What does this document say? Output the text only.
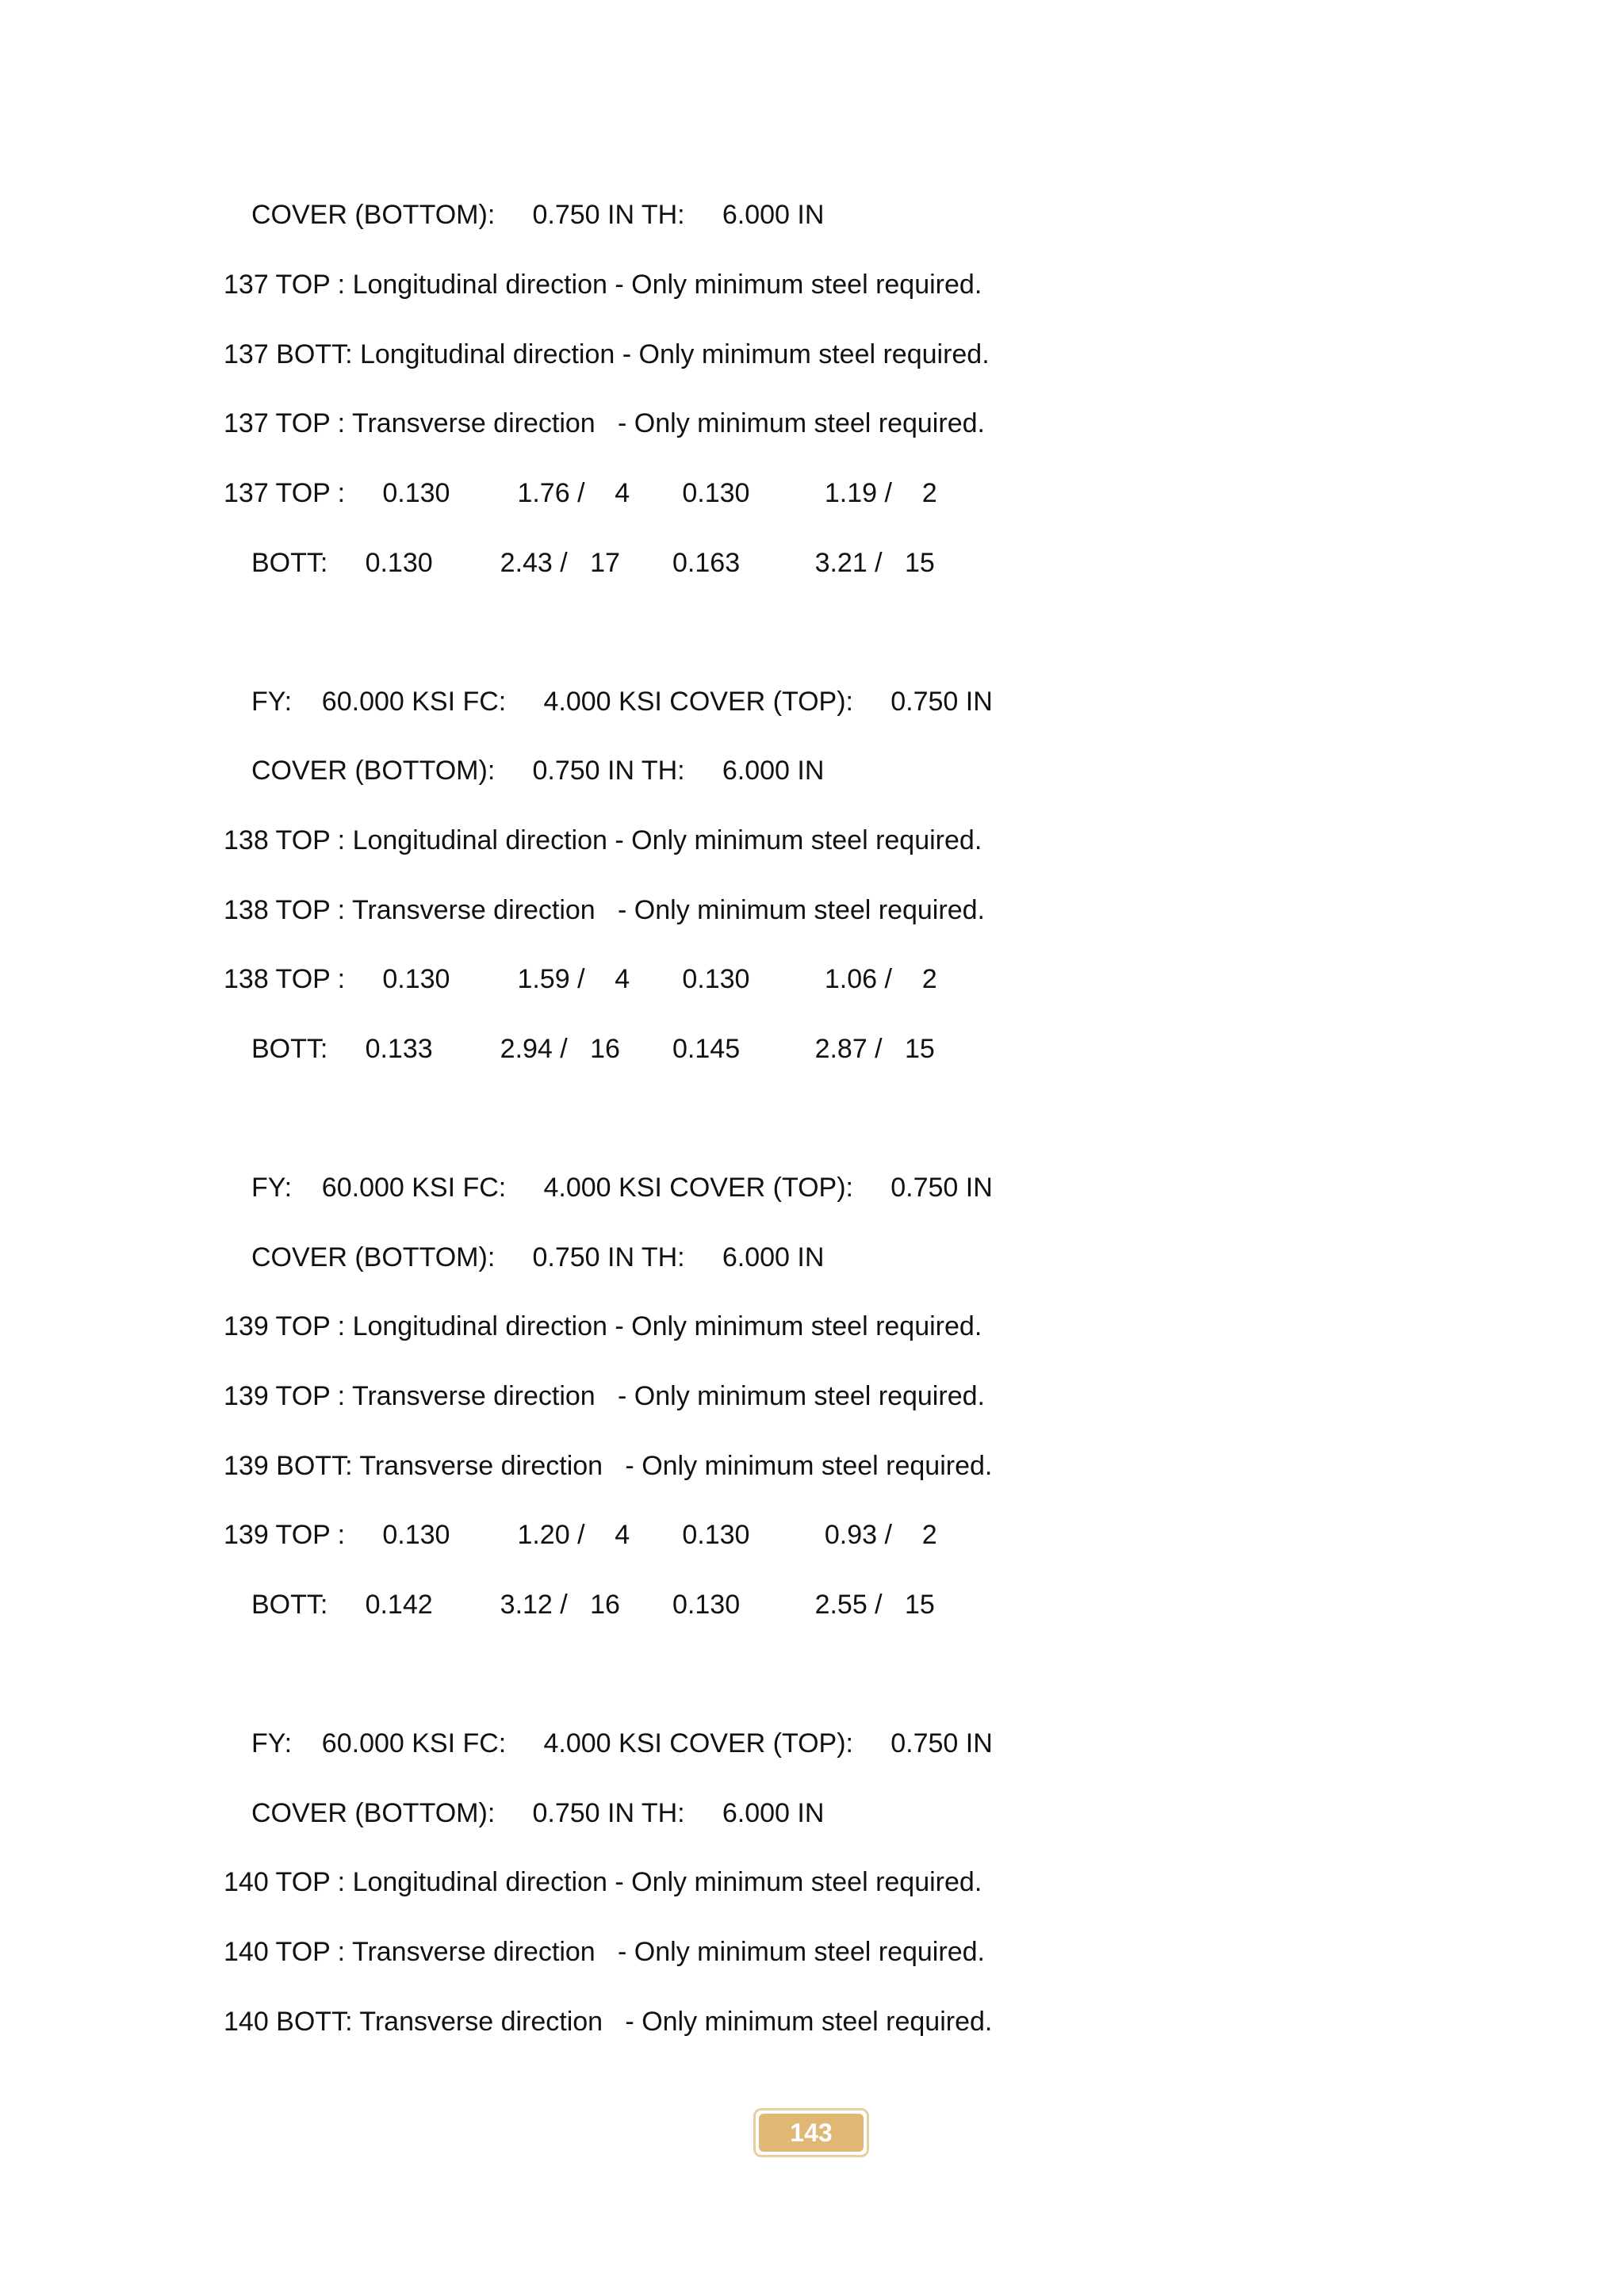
COVER (BOTTOM):     0.750 IN TH:     6.000 IN
137 TOP : Longitudinal direction - Only minimum steel required.
137 BOTT: Longitudinal direction - Only minimum steel required.
137 TOP : Transverse direction   - Only minimum steel required.
137 TOP :     0.130         1.76 /    4       0.130          1.19 /    2
BOTT:     0.130         2.43 /   17       0.163          3.21 /   15
FY:    60.000 KSI FC:     4.000 KSI COVER (TOP):     0.750 IN
COVER (BOTTOM):     0.750 IN TH:     6.000 IN
138 TOP : Longitudinal direction - Only minimum steel required.
138 TOP : Transverse direction   - Only minimum steel required.
138 TOP :     0.130         1.59 /    4       0.130          1.06 /    2
BOTT:     0.133         2.94 /   16       0.145          2.87 /   15
FY:    60.000 KSI FC:     4.000 KSI COVER (TOP):     0.750 IN
COVER (BOTTOM):     0.750 IN TH:     6.000 IN
139 TOP : Longitudinal direction - Only minimum steel required.
139 TOP : Transverse direction   - Only minimum steel required.
139 BOTT: Transverse direction   - Only minimum steel required.
139 TOP :     0.130         1.20 /    4       0.130          0.93 /    2
BOTT:     0.142         3.12 /   16       0.130          2.55 /   15
FY:    60.000 KSI FC:     4.000 KSI COVER (TOP):     0.750 IN
COVER (BOTTOM):     0.750 IN TH:     6.000 IN
140 TOP : Longitudinal direction - Only minimum steel required.
140 TOP : Transverse direction   - Only minimum steel required.
140 BOTT: Transverse direction   - Only minimum steel required.
143
